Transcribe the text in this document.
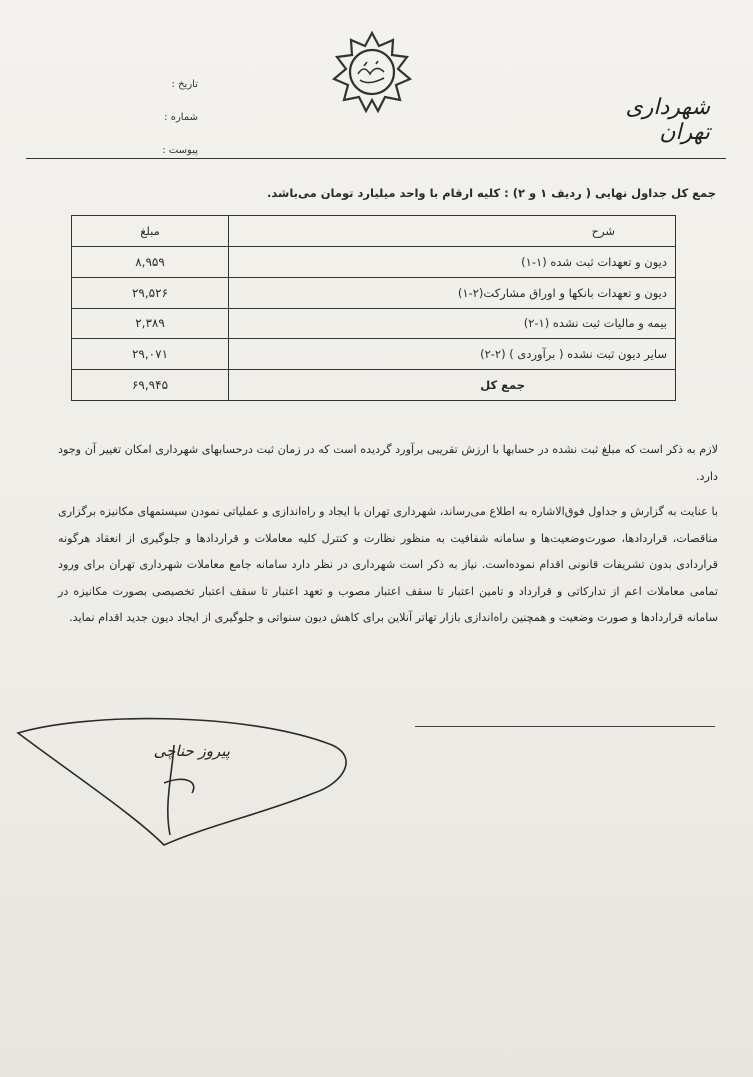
تاریخ :
شماره :
پیوست :
شهرداری تهران
جمع کل جداول نهایی ( ردیف ۱ و ۲) : کلیه ارقام با واحد میلیارد تومان می‌باشد.
شرح	مبلغ
دیون و تعهدات ثبت شده (۱-۱)	۸,۹۵۹
دیون و تعهدات بانکها و اوراق مشارکت(۲-۱)	۲۹,۵۲۶
بیمه و مالیات ثبت نشده (۱-۲)	۲,۳۸۹
سایر دیون ثبت نشده ( برآوردی ) (۲-۲)	۲۹,۰۷۱
جمع کل	۶۹,۹۴۵

لازم به ذکر است که مبلغ ثبت نشده در حسابها با ارزش تقریبی برآورد گردیده است که در زمان ثبت درحسابهای شهرداری امکان تغییر آن وجود دارد.

با عنایت به گزارش و جداول فوق‌الاشاره به اطلاع می‌رساند، شهرداری تهران با ایجاد و راه‌اندازی و عملیاتی نمودن سیستمهای مکانیزه برگزاری مناقصات، قراردادها، صورت‌وضعیت‌ها و سامانه شفافیت به منظور نظارت و کنترل کلیه معاملات و قراردادها و جلوگیری از انعقاد هرگونه قراردادی بدون تشریفات قانونی اقدام نموده‌است. نیاز به ذکر است شهرداری در نظر دارد سامانه جامع معاملات شهرداری تهران برای ورود تمامی معاملات اعم از تدارکاتی و قرارداد و تامین اعتبار تا سقف اعتبار مصوب و تعهد اعتبار تا سقف اعتبار تخصیصی بصورت مکانیزه در سامانه قراردادها و صورت وضعیت و همچنین راه‌اندازی بازار تهاتر آنلاین برای کاهش دیون سنواتی و جلوگیری از ایجاد دیون جدید اقدام نماید.

پیروز حناچی
